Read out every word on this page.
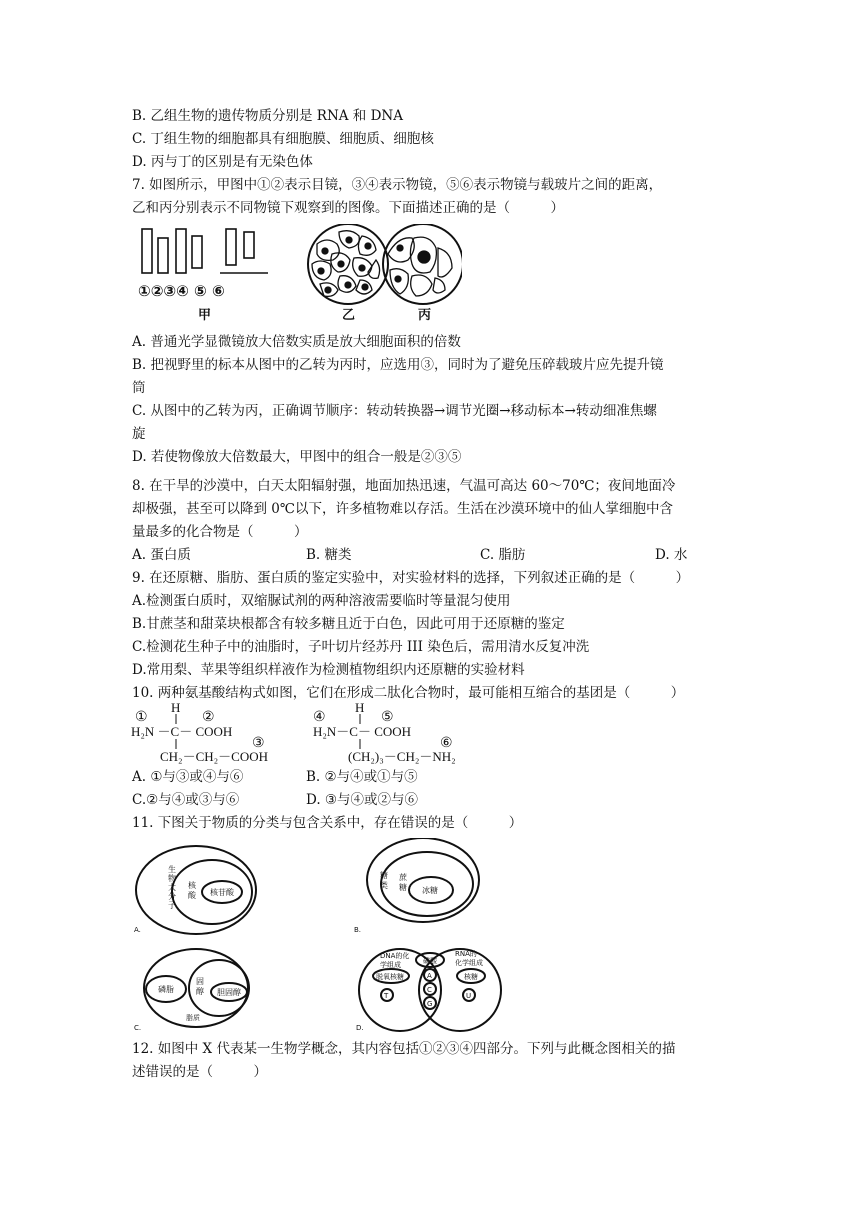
B. 乙组生物的遗传物质分别是 RNA 和 DNA
C. 丁组生物的细胞都具有细胞膜、细胞质、细胞核
D. 丙与丁的区别是有无染色体
7. 如图所示，甲图中①②表示目镜，③④表示物镜，⑤⑥表示物镜与载玻片之间的距离，
乙和丙分别表示不同物镜下观察到的图像。下面描述正确的是（　　　）
①②③④ ⑤ ⑥
甲	乙	丙
A. 普通光学显微镜放大倍数实质是放大细胞面积的倍数
B. 把视野里的标本从图中的乙转为丙时，应选用③，同时为了避免压碎载玻片应先提升镜
筒
C. 从图中的乙转为丙，正确调节顺序：转动转换器→调节光圈→移动标本→转动细准焦螺
旋
D. 若使物像放大倍数最大，甲图中的组合一般是②③⑤
8. 在干旱的沙漠中，白天太阳辐射强，地面加热迅速，气温可高达 60～70℃；夜间地面冷
却极强，甚至可以降到 0℃以下，许多植物难以存活。生活在沙漠环境中的仙人掌细胞中含
量最多的化合物是（　　　）
A. 蛋白质	B. 糖类	C. 脂肪	D. 水
9. 在还原糖、脂肪、蛋白质的鉴定实验中，对实验材料的选择，下列叙述正确的是（　　　）
A.检测蛋白质时，双缩脲试剂的两种溶液需要临时等量混匀使用
B.甘蔗茎和甜菜块根都含有较多糖且近于白色，因此可用于还原糖的鉴定
C.检测花生种子中的油脂时，子叶切片经苏丹 III 染色后，需用清水反复冲洗
D.常用梨、苹果等组织样液作为检测植物组织内还原糖的实验材料
10. 两种氨基酸结构式如图，它们在形成二肽化合物时，最可能相互缩合的基团是（　　　）
H
①	②
H₂N －C－ COOH
③
CH₂－CH₂－COOH
H
④	⑤
H₂N－C－ COOH
⑥
(CH₂)₃－CH₂－NH₂
A. ①与③或④与⑥	B. ②与④或①与⑤
C.②与④或③与⑥	D. ③与④或②与⑥
11. 下图关于物质的分类与包含关系中，存在错误的是（　　　）
A.
生物大分子
核酸 核苷酸
B.
糖类
蔗糖 冰糖
C.
磷脂
固醇 胆固醇
脂质
D.
DNA的化学组成
RNA的化学组成
磷酸
脱氧核糖	核糖
A
C
G
T	U
12. 如图中 X 代表某一生物学概念，其内容包括①②③④四部分。下列与此概念图相关的描
述错误的是（　　　）
